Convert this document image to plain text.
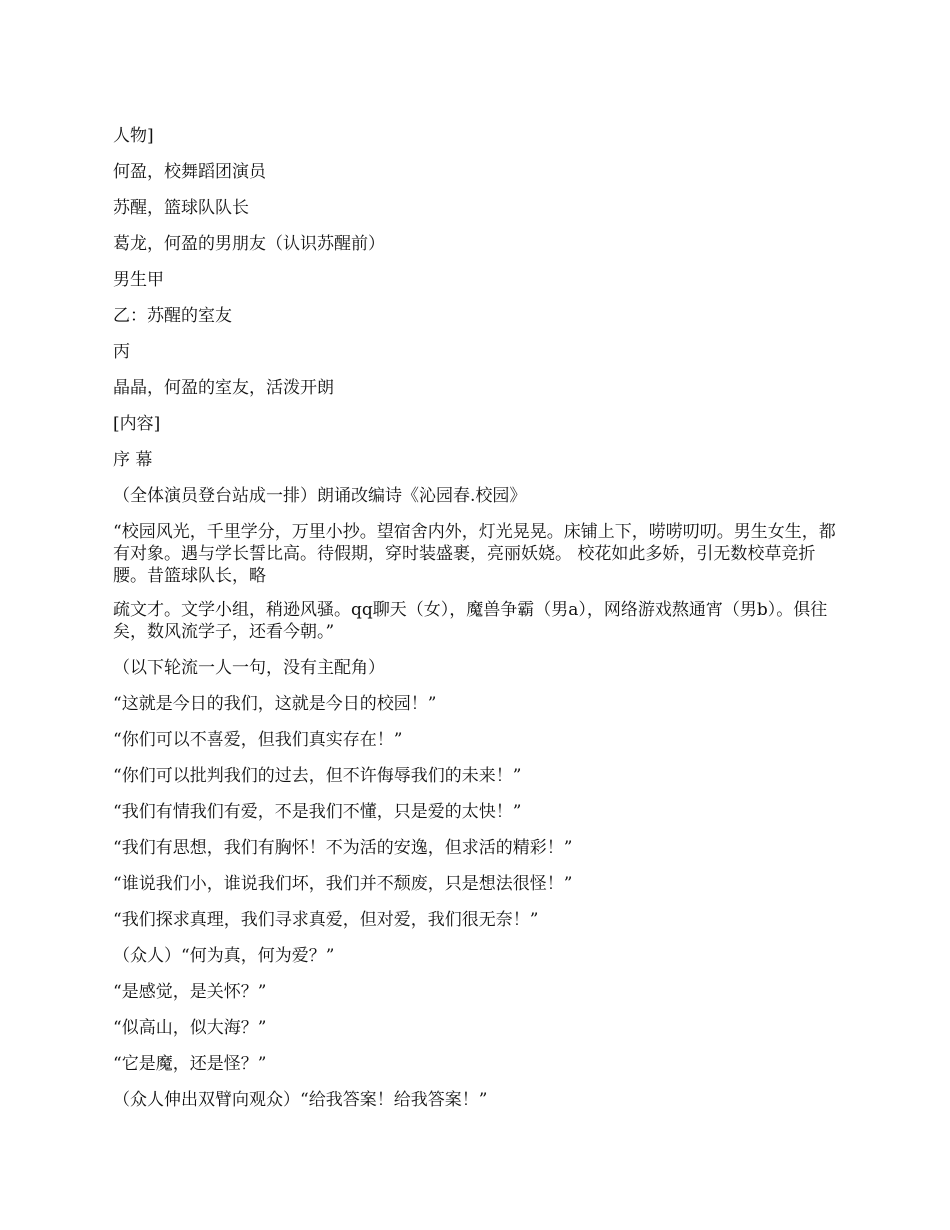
人物]

何盈，校舞蹈团演员

苏醒，篮球队队长

葛龙，何盈的男朋友（认识苏醒前）

男生甲

乙：苏醒的室友

丙

晶晶，何盈的室友，活泼开朗

[内容]

序 幕

（全体演员登台站成一排）朗诵改编诗《沁园春.校园》

“校园风光，千里学分，万里小抄。望宿舍内外，灯光晃晃。床铺上下，唠唠叨叨。男生女生，都有对象。遇与学长誓比高。待假期，穿时装盛裹，亮丽妖娆。 校花如此多娇，引无数校草竞折腰。昔篮球队长，略

疏文才。文学小组，稍逊风骚。qq聊天（女），魔兽争霸（男a），网络游戏熬通宵（男b）。俱往矣，数风流学子，还看今朝。”

（以下轮流一人一句，没有主配角）

“这就是今日的我们，这就是今日的校园！”

“你们可以不喜爱，但我们真实存在！”

“你们可以批判我们的过去，但不许侮辱我们的未来！”

“我们有情我们有爱，不是我们不懂，只是爱的太快！”

“我们有思想，我们有胸怀！不为活的安逸，但求活的精彩！”

“谁说我们小，谁说我们坏，我们并不颓废，只是想法很怪！”

“我们探求真理，我们寻求真爱，但对爱，我们很无奈！”

（众人）“何为真，何为爱？”

“是感觉，是关怀？”

“似高山，似大海？”

“它是魔，还是怪？”

（众人伸出双臂向观众）“给我答案！给我答案！”
